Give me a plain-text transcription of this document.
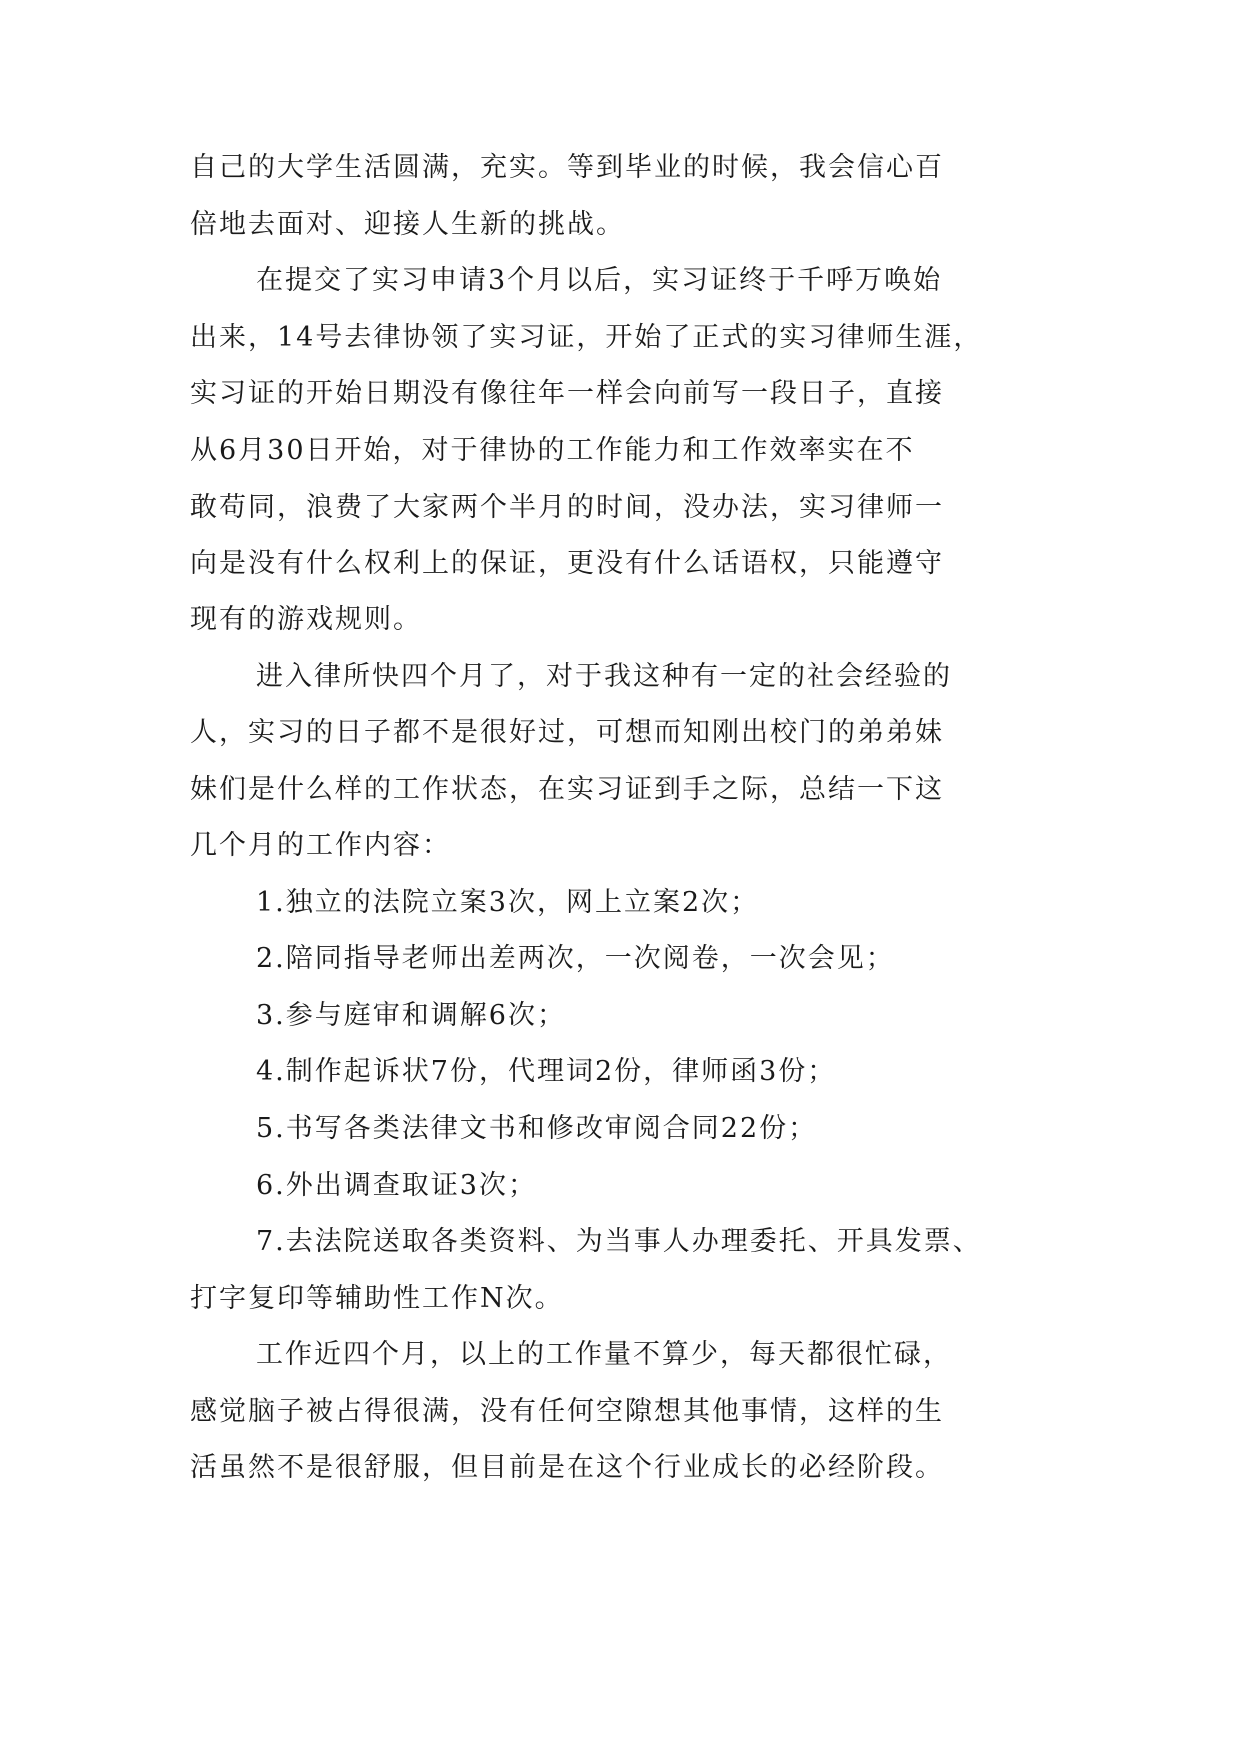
自己的大学生活圆满，充实。等到毕业的时候，我会信心百
倍地去面对、迎接人生新的挑战。
在提交了实习申请3个月以后，实习证终于千呼万唤始
出来，14号去律协领了实习证，开始了正式的实习律师生涯，
实习证的开始日期没有像往年一样会向前写一段日子，直接
从6月30日开始，对于律协的工作能力和工作效率实在不
敢苟同，浪费了大家两个半月的时间，没办法，实习律师一
向是没有什么权利上的保证，更没有什么话语权，只能遵守
现有的游戏规则。
进入律所快四个月了，对于我这种有一定的社会经验的
人，实习的日子都不是很好过，可想而知刚出校门的弟弟妹
妹们是什么样的工作状态，在实习证到手之际，总结一下这
几个月的工作内容：
1.独立的法院立案3次，网上立案2次；
2.陪同指导老师出差两次，一次阅卷，一次会见；
3.参与庭审和调解6次；
4.制作起诉状7份，代理词2份，律师函3份；
5.书写各类法律文书和修改审阅合同22份；
6.外出调查取证3次；
7.去法院送取各类资料、为当事人办理委托、开具发票、
打字复印等辅助性工作N次。
工作近四个月，以上的工作量不算少，每天都很忙碌，
感觉脑子被占得很满，没有任何空隙想其他事情，这样的生
活虽然不是很舒服，但目前是在这个行业成长的必经阶段。
